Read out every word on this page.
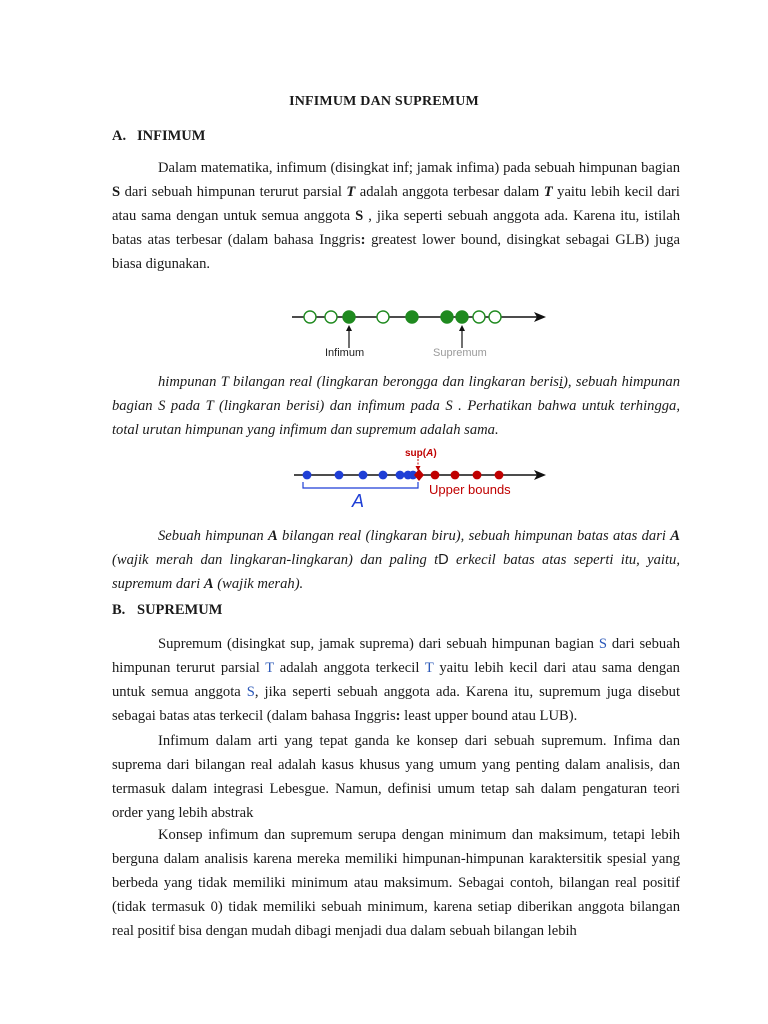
INFIMUM DAN SUPREMUM
A. INFIMUM

Dalam matematika, infimum (disingkat inf; jamak infima) pada sebuah himpunan bagian S dari sebuah himpunan terurut parsial T adalah anggota terbesar dalam T yaitu lebih kecil dari atau sama dengan untuk semua anggota S , jika seperti sebuah anggota ada. Karena itu, istilah batas atas terbesar (dalam bahasa Inggris: greatest lower bound, disingkat sebagai GLB) juga biasa digunakan.

Infimum	Supremum

himpunan T bilangan real (lingkaran berongga dan lingkaran berisi), sebuah himpunan bagian S pada T (lingkaran berisi) dan infimum pada S . Perhatikan bahwa untuk terhingga, total urutan himpunan yang infimum dan supremum adalah sama.

sup(A)
A
Upper bounds

Sebuah himpunan A bilangan real (lingkaran biru), sebuah himpunan batas atas dari A (wajik merah dan lingkaran-lingkaran) dan paling tD erkecil batas atas seperti itu, yaitu, supremum dari A (wajik merah).

B. SUPREMUM

Supremum (disingkat sup, jamak suprema) dari sebuah himpunan bagian S dari sebuah himpunan terurut parsial T adalah anggota terkecil T yaitu lebih kecil dari atau sama dengan untuk semua anggota S, jika seperti sebuah anggota ada. Karena itu, supremum juga disebut sebagai batas atas terkecil (dalam bahasa Inggris: least upper bound atau LUB).

Infimum dalam arti yang tepat ganda ke konsep dari sebuah supremum. Infima dan suprema dari bilangan real adalah kasus khusus yang umum yang penting dalam analisis, dan termasuk dalam integrasi Lebesgue. Namun, definisi umum tetap sah dalam pengaturan teori order yang lebih abstrak

Konsep infimum dan supremum serupa dengan minimum dan maksimum, tetapi lebih berguna dalam analisis karena mereka memiliki himpunan-himpunan karaktersitik spesial yang berbeda yang tidak memiliki minimum atau maksimum. Sebagai contoh, bilangan real positif (tidak termasuk 0) tidak memiliki sebuah minimum, karena setiap diberikan anggota bilangan real positif bisa dengan mudah dibagi menjadi dua dalam sebuah bilangan lebih
